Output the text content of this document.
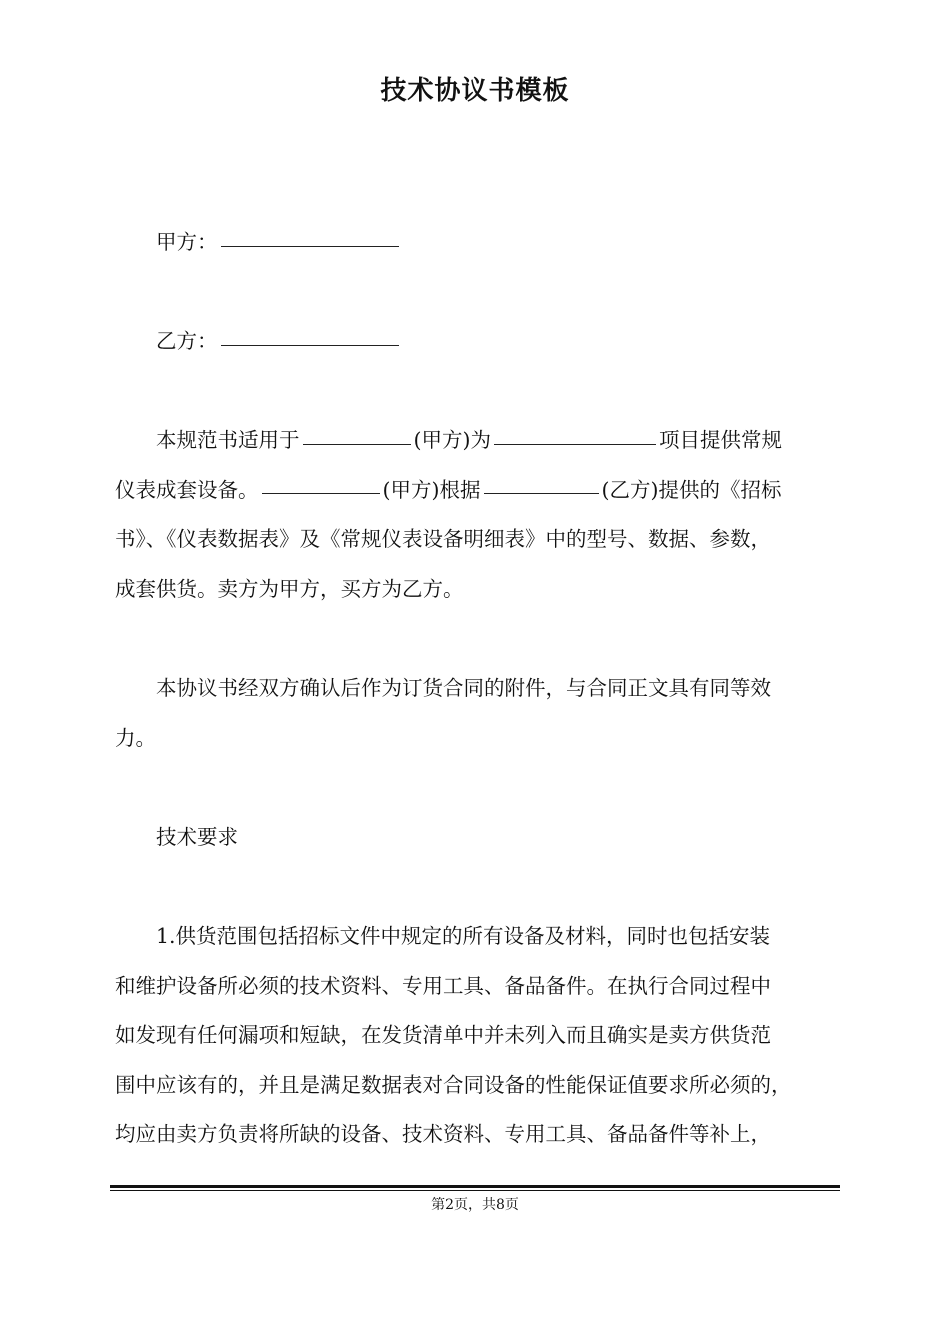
技术协议书模板
甲方：
乙方：
本规范书适用于	(甲方)为	项目提供常规
仪表成套设备。	(甲方)根据	(乙方)提供的《招标
书》、《仪表数据表》及《常规仪表设备明细表》中的型号、数据、参数，
成套供货。卖方为甲方，买方为乙方。
本协议书经双方确认后作为订货合同的附件，与合同正文具有同等效
力。
技术要求
1.供货范围包括招标文件中规定的所有设备及材料，同时也包括安装
和维护设备所必须的技术资料、专用工具、备品备件。在执行合同过程中
如发现有任何漏项和短缺，在发货清单中并未列入而且确实是卖方供货范
围中应该有的，并且是满足数据表对合同设备的性能保证值要求所必须的，
均应由卖方负责将所缺的设备、技术资料、专用工具、备品备件等补上，
第2页，共8页
